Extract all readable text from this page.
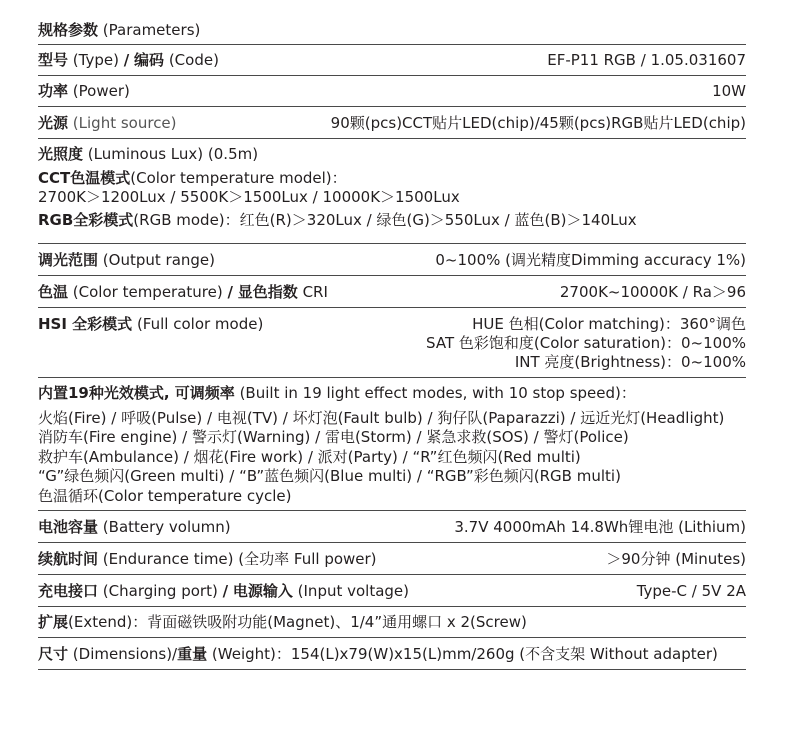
规格参数 (Parameters)
型号 (Type) / 编码 (Code)	EF-P11 RGB / 1.05.031607
功率 (Power)	10W
光源 (Light source)	90颗(pcs)CCT贴片LED(chip)/45颗(pcs)RGB贴片LED(chip)
光照度 (Luminous Lux) (0.5m)
CCT色温模式(Color temperature model)：
2700K＞1200Lux / 5500K＞1500Lux / 10000K＞1500Lux
RGB全彩模式(RGB mode)：红色(R)＞320Lux / 绿色(G)＞550Lux / 蓝色(B)＞140Lux
调光范围 (Output range)	0~100% (调光精度Dimming accuracy 1%)
色温 (Color temperature) / 显色指数 CRI	2700K~10000K / Ra＞96
HSI 全彩模式 (Full color mode)	HUE 色相(Color matching)：360°调色
SAT 色彩饱和度(Color saturation)：0~100%
INT 亮度(Brightness)：0~100%
内置19种光效模式, 可调频率 (Built in 19 light effect modes, with 10 stop speed)：
火焰(Fire) / 呼吸(Pulse) / 电视(TV) / 坏灯泡(Fault bulb) / 狗仔队(Paparazzi) / 远近光灯(Headlight)
消防车(Fire engine) / 警示灯(Warning) / 雷电(Storm) / 紧急求救(SOS) / 警灯(Police)
救护车(Ambulance) / 烟花(Fire work) / 派对(Party) / “R”红色频闪(Red multi)
“G”绿色频闪(Green multi) / “B”蓝色频闪(Blue multi) / “RGB”彩色频闪(RGB multi)
色温循环(Color temperature cycle)
电池容量 (Battery volumn)	3.7V 4000mAh 14.8Wh锂电池 (Lithium)
续航时间 (Endurance time) (全功率 Full power)	＞90分钟 (Minutes)
充电接口 (Charging port) / 电源输入 (Input voltage)	Type-C / 5V 2A
扩展(Extend)：背面磁铁吸附功能(Magnet)、1/4”通用螺口 x 2(Screw)
尺寸 (Dimensions)/重量 (Weight)：154(L)x79(W)x15(L)mm/260g (不含支架 Without adapter)
